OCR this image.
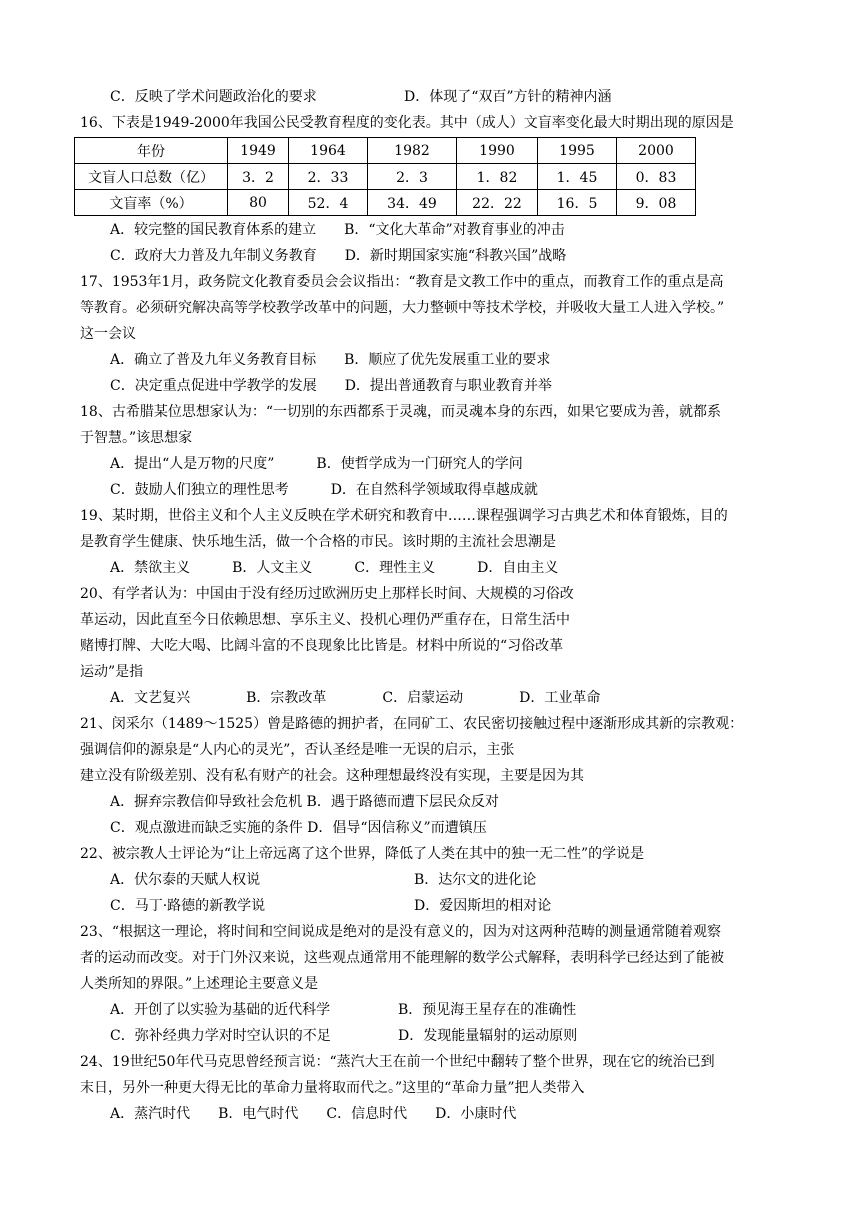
C．反映了学术问题政治化的要求	D．体现了“双百”方针的精神内涵
16、下表是1949-2000年我国公民受教育程度的变化表。其中（成人）文盲率变化最大时期出现的原因是
年份	1949	1964	1982	1990	1995	2000
文盲人口总数（亿）	3．2	2．33	2．3	1．82	1．45	0．83
文盲率（%）	80	52．4	34．49	22．22	16．5	9．08
A．较完整的国民教育体系的建立　　B．“文化大革命”对教育事业的冲击
C．政府大力普及九年制义务教育　　D．新时期国家实施“科教兴国”战略
17、1953年1月，政务院文化教育委员会会议指出：“教育是文教工作中的重点，而教育工作的重点是高
等教育。必须研究解决高等学校教学改革中的问题，大力整顿中等技术学校，并吸收大量工人进入学校。”
这一会议
A．确立了普及九年义务教育目标　　B．顺应了优先发展重工业的要求
C．决定重点促进中学教学的发展　　D．提出普通教育与职业教育并举
18、古希腊某位思想家认为：“一切别的东西都系于灵魂，而灵魂本身的东西，如果它要成为善，就都系
于智慧。”该思想家
A．提出“人是万物的尺度”　　　B．使哲学成为一门研究人的学问
C．鼓励人们独立的理性思考　　　D．在自然科学领域取得卓越成就
19、某时期，世俗主义和个人主义反映在学术研究和教育中……课程强调学习古典艺术和体育锻炼，目的
是教育学生健康、快乐地生活，做一个合格的市民。该时期的主流社会思潮是
A．禁欲主义　　　B．人文主义　　　C．理性主义　　　D．自由主义
20、有学者认为：中国由于没有经历过欧洲历史上那样长时间、大规模的习俗改
革运动，因此直至今日依赖思想、享乐主义、投机心理仍严重存在，日常生活中
赌博打牌、大吃大喝、比阔斗富的不良现象比比皆是。材料中所说的“习俗改革
运动”是指
A．文艺复兴　　　　B．宗教改革　　　　C．启蒙运动　　　　D．工业革命
21、闵采尔（1489～1525）曾是路德的拥护者，在同矿工、农民密切接触过程中逐渐形成其新的宗教观：
强调信仰的源泉是“人内心的灵光”，否认圣经是唯一无误的启示，主张
建立没有阶级差别、没有私有财产的社会。这种理想最终没有实现，主要是因为其
A．摒弃宗教信仰导致社会危机 B．遇于路德而遭下层民众反对
C．观点激进而缺乏实施的条件 D．倡导“因信称义”而遭镇压
22、被宗教人士评论为“让上帝远离了这个世界，降低了人类在其中的独一无二性”的学说是
A．伏尔泰的天赋人权说	B．达尔文的进化论
C．马丁·路德的新教学说	D．爱因斯坦的相对论
23、“根据这一理论，将时间和空间说成是绝对的是没有意义的，因为对这两种范畴的测量通常随着观察
者的运动而改变。对于门外汉来说，这些观点通常用不能理解的数学公式解释，表明科学已经达到了能被
人类所知的界限。”上述理论主要意义是
A．开创了以实验为基础的近代科学	B．预见海王星存在的准确性
C．弥补经典力学对时空认识的不足	D．发现能量辐射的运动原则
24、19世纪50年代马克思曾经预言说：“蒸汽大王在前一个世纪中翻转了整个世界，现在它的统治已到
末日，另外一种更大得无比的革命力量将取而代之。”这里的“革命力量”把人类带入
A．蒸汽时代　　B．电气时代　　C．信息时代　　D．小康时代
